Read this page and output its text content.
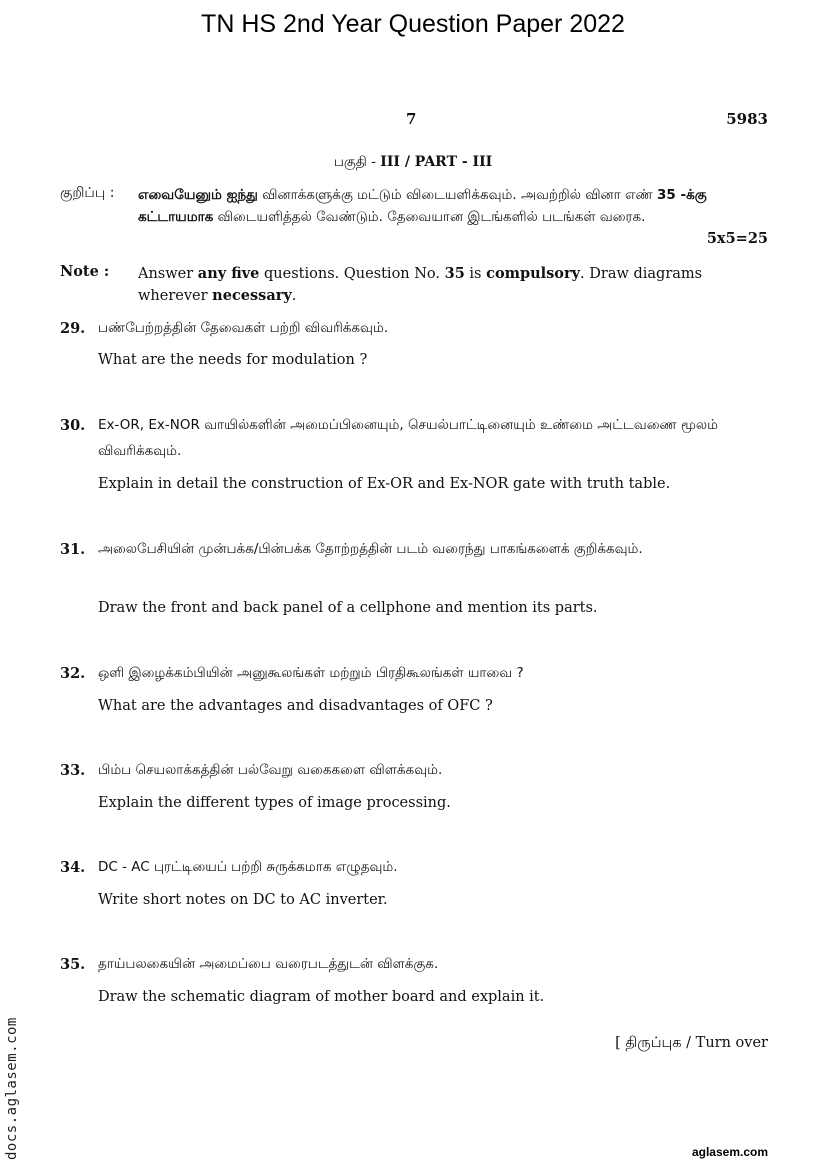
TN HS 2nd Year Question Paper 2022
7	5983
பகுதி - III / PART - III
குறிப்பு : எவையேனும் ஐந்து வினாக்களுக்கு மட்டும் விடையளிக்கவும். அவற்றில் வினா எண் 35 -க்கு கட்டாயமாக விடையளித்தல் வேண்டும். தேவையான இடங்களில் படங்கள் வரைக.
5x5=25
Note : Answer any five questions. Question No. 35 is compulsory. Draw diagrams wherever necessary.
29. பண்பேற்றத்தின் தேவைகள் பற்றி விவரிக்கவும்.
What are the needs for modulation ?
30. Ex-OR, Ex-NOR வாயில்களின் அமைப்பினையும், செயல்பாட்டினையும் உண்மை அட்டவணை மூலம் விவரிக்கவும்.
Explain in detail the construction of Ex-OR and Ex-NOR gate with truth table.
31. அலைபேசியின் முன்பக்க/பின்பக்க தோற்றத்தின் படம் வரைந்து பாகங்களைக் குறிக்கவும்.
Draw the front and back panel of a cellphone and mention its parts.
32. ஒளி இழைக்கம்பியின் அனுகூலங்கள் மற்றும் பிரதிகூலங்கள் யாவை ?
What are the advantages and disadvantages of OFC ?
33. பிம்ப செயலாக்கத்தின் பல்வேறு வகைகளை விளக்கவும்.
Explain the different types of image processing.
34. DC - AC புரட்டியைப் பற்றி சுருக்கமாக எழுதவும்.
Write short notes on DC to AC inverter.
35. தாய்பலகையின் அமைப்பை வரைபடத்துடன் விளக்குக.
Draw the schematic diagram of mother board and explain it.
[ திருப்புக / Turn over
docs.aglasem.com	aglasem.com
